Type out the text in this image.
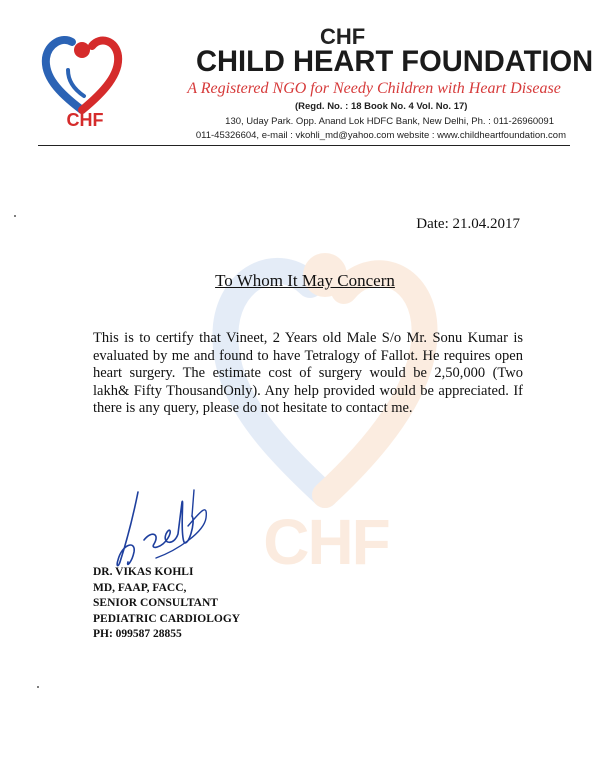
CHF
CHF
CHILD HEART FOUNDATION
A Registered NGO for Needy Children with Heart Disease
(Regd. No. : 18 Book No. 4 Vol. No. 17)
130, Uday Park. Opp. Anand Lok HDFC Bank, New Delhi, Ph. : 011-26960091
011-45326604, e-mail : vkohli_md@yahoo.com website : www.childheartfoundation.com
CHF
Date: 21.04.2017
To Whom It May Concern
This is to certify that Vineet, 2 Years old Male S/o Mr. Sonu Kumar is evaluated by me and found to have Tetralogy of Fallot. He requires open heart surgery. The estimate cost of surgery would be 2,50,000 (Two lakh& Fifty ThousandOnly). Any help provided would be appreciated. If there is any query, please do not hesitate to contact me.
DR. VIKAS KOHLI
MD, FAAP, FACC,
SENIOR CONSULTANT
PEDIATRIC CARDIOLOGY
PH: 099587 28855
